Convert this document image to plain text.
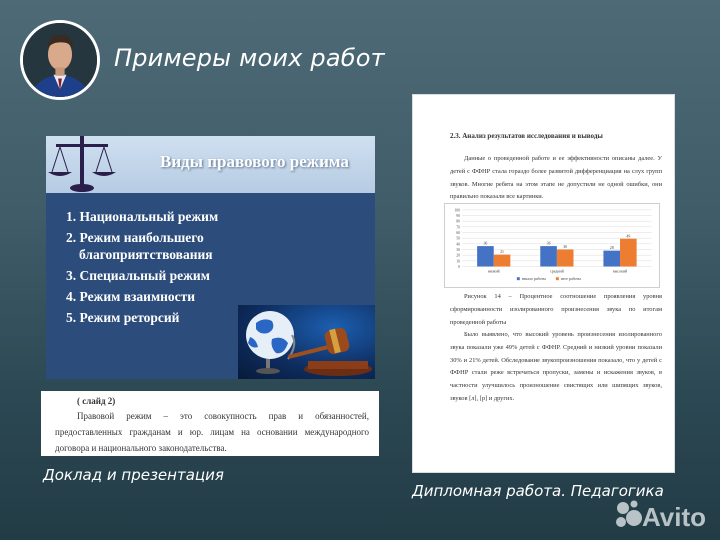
Примеры моих работ
Виды правового режима
1. Национальный режим
2. Режим наибольшего
благоприятствования
3. Специальный режим
4. Режим взаимности
5. Режим реторсий
( слайд 2)

Правовой режим – это совокупность прав и обязанностей, предоставленных гражданам и юр. лицам на основании международного договора и национального законодательства.

Доклад и презентация
2.3. Анализ результатов исследования и выводы
Данные о проведенной работе и ее эффективности описаны далее. У детей с ФФНР стала гораздо более развитой дифференциация на слух групп звуков. Многие ребята на этом этапе не допустили не одной ошибки, они правильно показали все картинки.
0
10
20
30
40
50
60
70
80
90
100
36
21
низкий
36
30
средний
28
49
высокий
начало работы	итог работы
Рисунок 14 – Процентное соотношение проявления уровня сформированности изолированного произнесения звука по итогам проведенной работы
Было выявлено, что высокий уровень произнесения изолированного звука показали уже 49% детей с ФФНР. Средний и низкий уровни показали 30% и 21% детей. Обследование звукопроизношения показало, что у детей с ФФНР стали реже встречаться пропуски, замены и искажения звуков, в частности улучшилось произношение свистящих или шипящих звуков, звуков [л], [р] и других.
Дипломная работа. Педагогика
Avito
